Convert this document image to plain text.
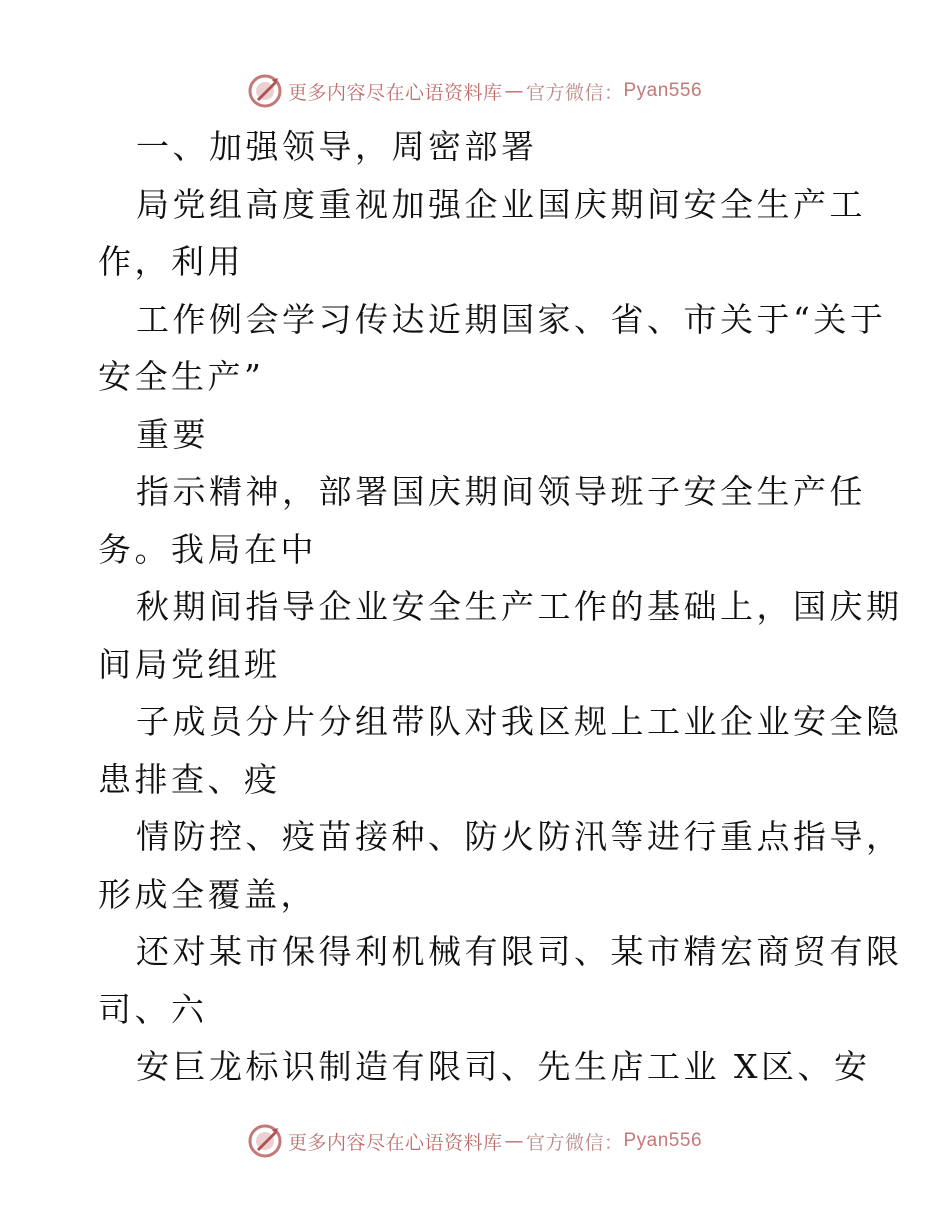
更多内容尽在心语资料库 — 官方微信： Pyan556
一、加强领导，周密部署
局党组高度重视加强企业国庆期间安全生产工
作，利用
工作例会学习传达近期国家、省、市关于“关于
安全生产”
重要
指示精神，部署国庆期间领导班子安全生产任
务。我局在中
秋期间指导企业安全生产工作的基础上，国庆期
间局党组班
子成员分片分组带队对我区规上工业企业安全隐
患排查、疫
情防控、疫苗接种、防火防汛等进行重点指导，
形成全覆盖，
还对某市保得利机械有限司、某市精宏商贸有限
司、六
安巨龙标识制造有限司、先生店工业 X区、安
更多内容尽在心语资料库 — 官方微信： Pyan556
